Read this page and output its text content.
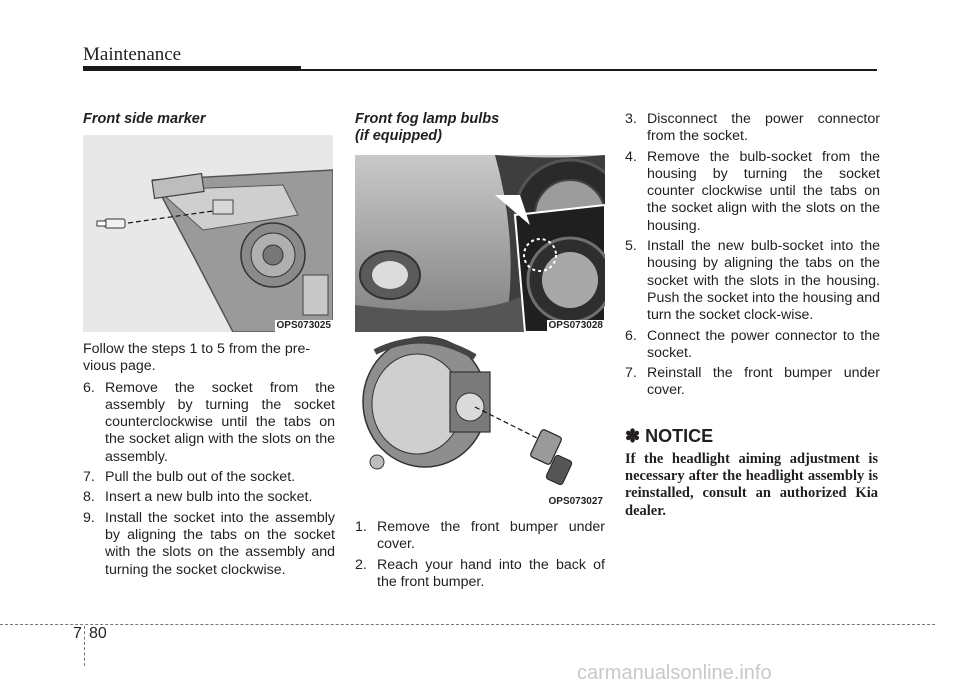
Maintenance
Front side marker
OPS073025
Follow the steps 1 to 5 from the pre-
vious page.
6. Remove the socket from the assembly by turning the socket counterclockwise until the tabs on the socket align with the slots on the assembly.
7. Pull the bulb out of the socket.
8. Insert a new bulb into the socket.
9. Install the socket into the assembly by aligning the tabs on the socket with the slots on the assembly and turning the socket clockwise.
Front fog lamp bulbs
(if equipped)
OPS073028
OPS073027
1. Remove the front bumper under cover.
2. Reach your hand into the back of the front bumper.
3. Disconnect the power connector from the socket.
4. Remove the bulb-socket from the housing by turning the socket counter clockwise until the tabs on the socket align with the slots on the housing.
5. Install the new bulb-socket into the housing by aligning the tabs on the socket with the slots in the housing. Push the socket into the housing and turn the socket clock-wise.
6. Connect the power connector to the socket.
7. Reinstall the front bumper under cover.
✽ NOTICE
If the headlight aiming adjustment is necessary after the headlight assembly is reinstalled, consult an authorized Kia dealer.
7 80
carmanualsonline.info
